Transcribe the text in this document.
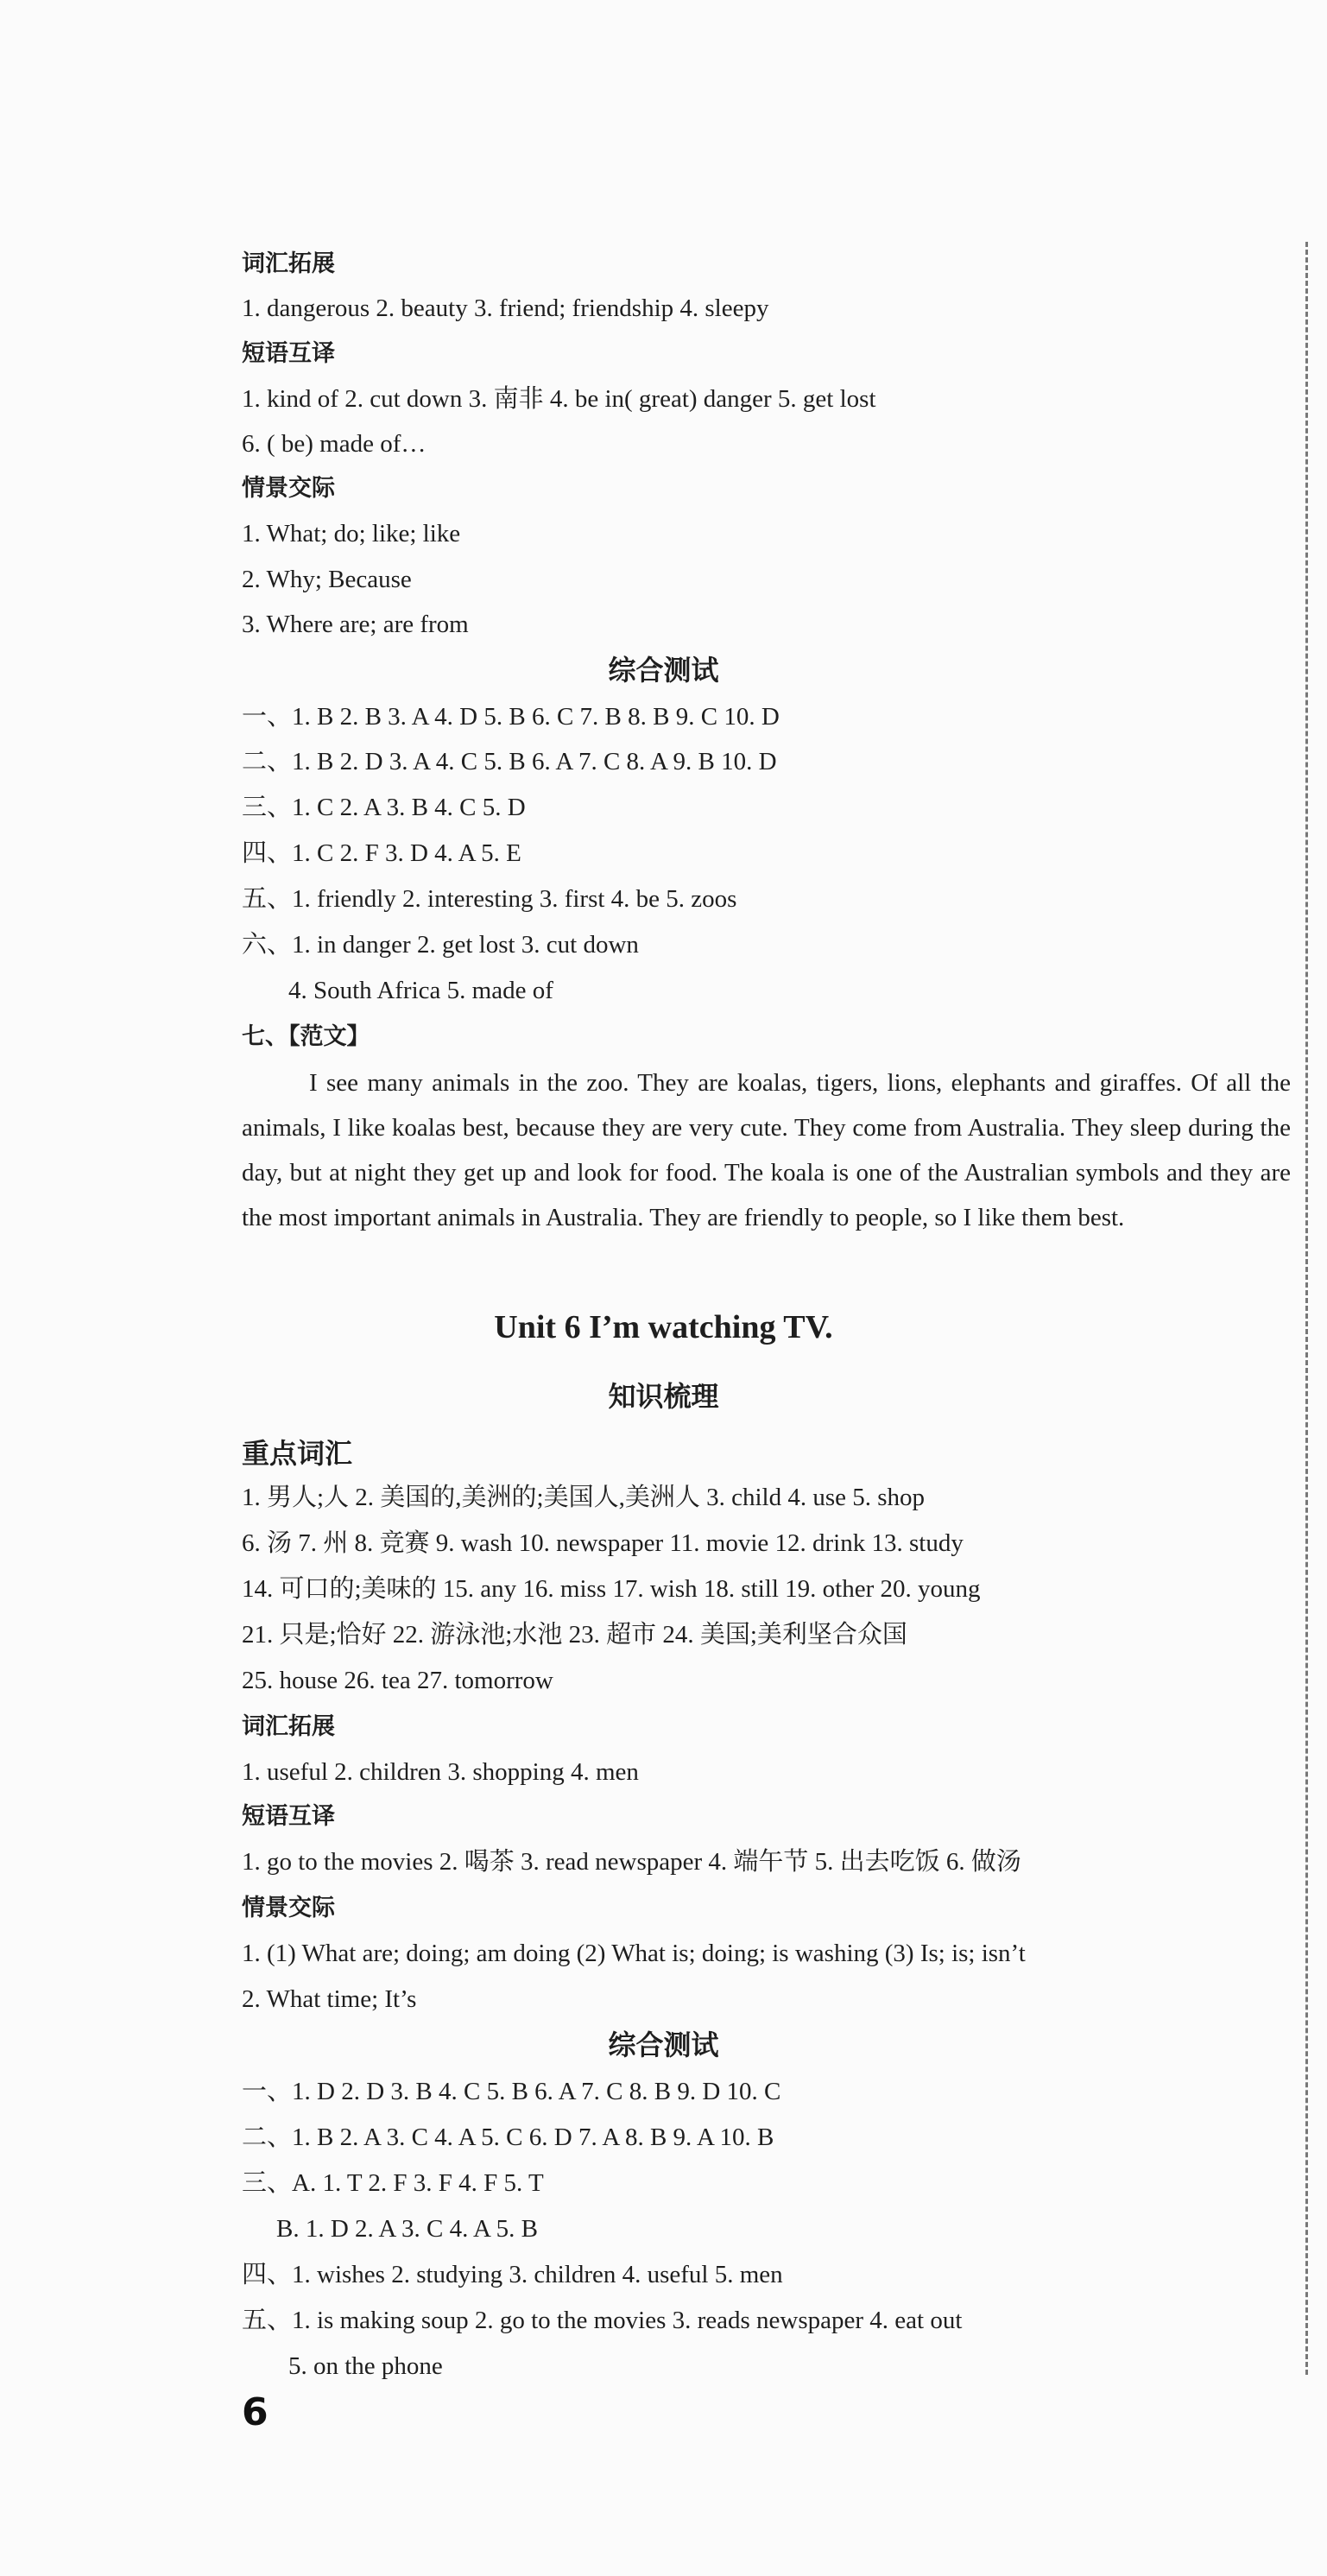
词汇拓展
1. dangerous 2. beauty 3. friend; friendship 4. sleepy
短语互译
1. kind of 2. cut down 3. 南非 4. be in( great) danger 5. get lost
6. ( be) made of…
情景交际
1. What; do; like; like
2. Why; Because
3. Where are; are from
综合测试
一、1. B 2. B 3. A 4. D 5. B 6. C 7. B 8. B 9. C 10. D
二、1. B 2. D 3. A 4. C 5. B 6. A 7. C 8. A 9. B 10. D
三、1. C 2. A 3. B 4. C 5. D
四、1. C 2. F 3. D 4. A 5. E
五、1. friendly 2. interesting 3. first 4. be 5. zoos
六、1. in danger 2. get lost 3. cut down
4. South Africa 5. made of
七、【范文】
I see many animals in the zoo. They are koalas, tigers, lions, elephants and giraffes. Of all the animals, I like koalas best, because they are very cute. They come from Australia. They sleep during the day, but at night they get up and look for food. The koala is one of the Australian symbols and they are the most important animals in Australia. They are friendly to people, so I like them best.
Unit 6 I’m watching TV.
知识梳理
重点词汇
1. 男人;人 2. 美国的,美洲的;美国人,美洲人 3. child 4. use 5. shop
6. 汤 7. 州 8. 竞赛 9. wash 10. newspaper 11. movie 12. drink 13. study
14. 可口的;美味的 15. any 16. miss 17. wish 18. still 19. other 20. young
21. 只是;恰好 22. 游泳池;水池 23. 超市 24. 美国;美利坚合众国
25. house 26. tea 27. tomorrow
词汇拓展
1. useful 2. children 3. shopping 4. men
短语互译
1. go to the movies 2. 喝茶 3. read newspaper 4. 端午节 5. 出去吃饭 6. 做汤
情景交际
1. (1) What are; doing; am doing (2) What is; doing; is washing (3) Is; is; isn’t
2. What time; It’s
综合测试
一、1. D 2. D 3. B 4. C 5. B 6. A 7. C 8. B 9. D 10. C
二、1. B 2. A 3. C 4. A 5. C 6. D 7. A 8. B 9. A 10. B
三、A. 1. T 2. F 3. F 4. F 5. T
B. 1. D 2. A 3. C 4. A 5. B
四、1. wishes 2. studying 3. children 4. useful 5. men
五、1. is making soup 2. go to the movies 3. reads newspaper 4. eat out
5. on the phone
6
